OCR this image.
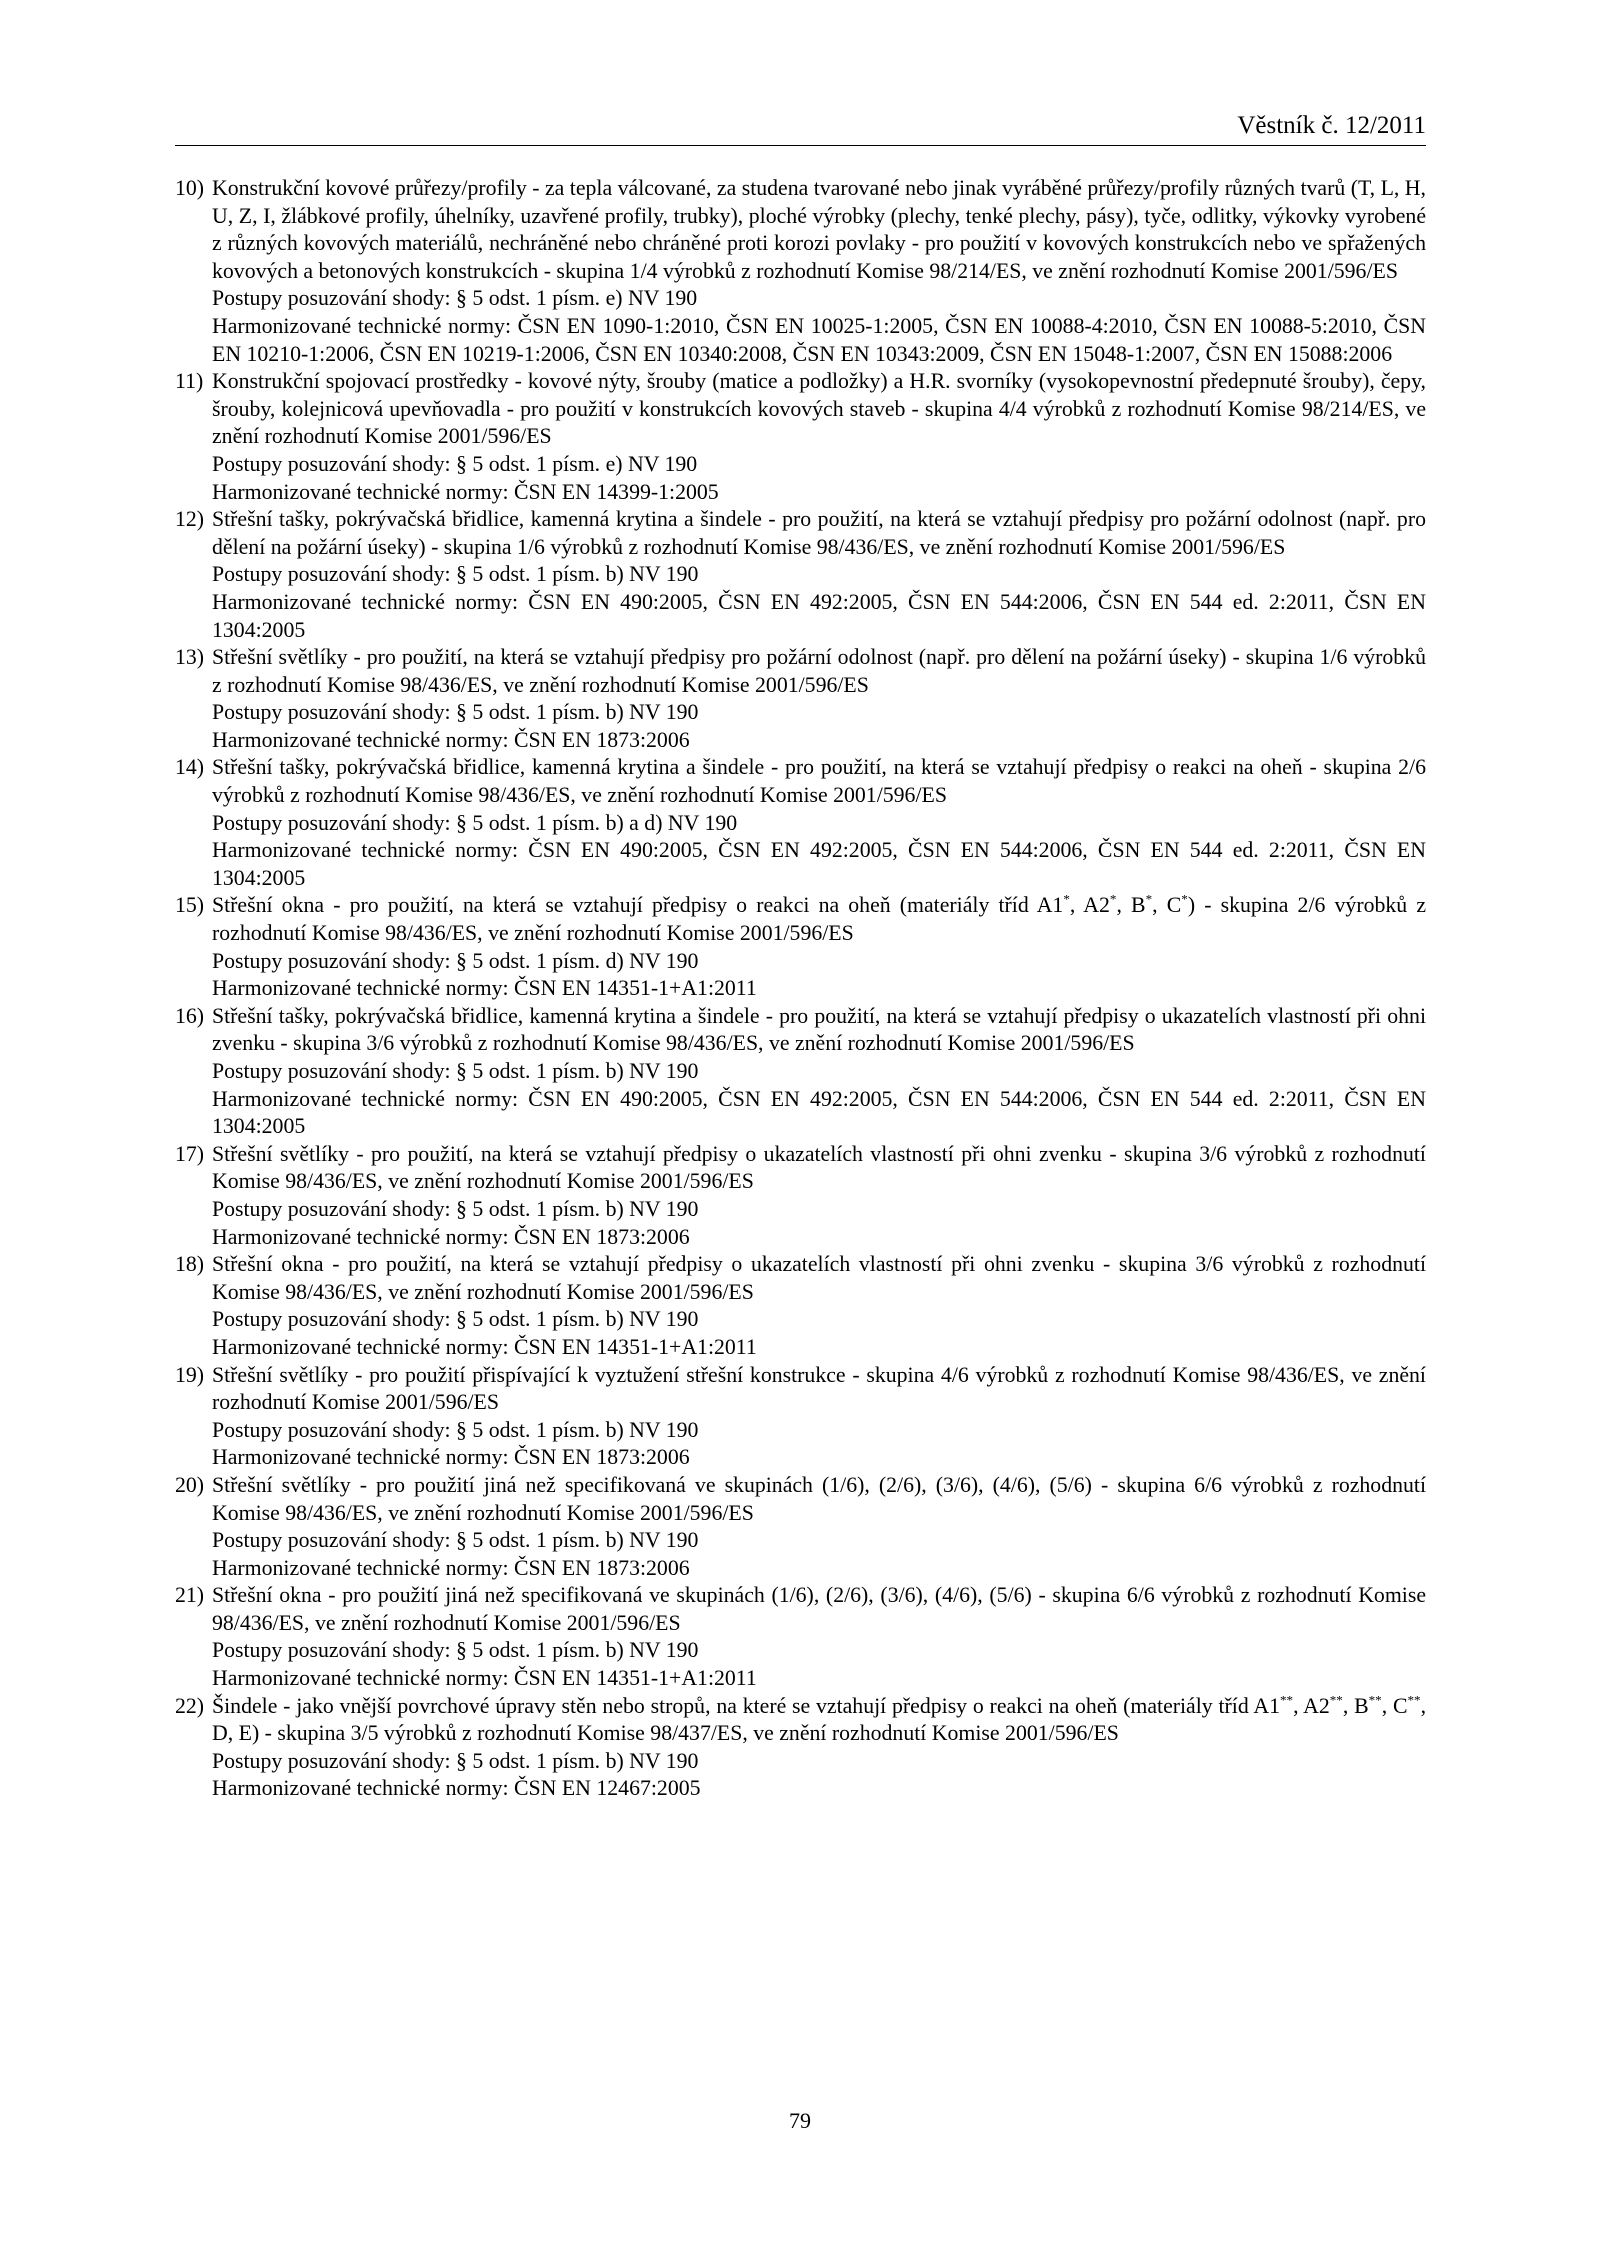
Věstník č. 12/2011
10) Konstrukční kovové průřezy/profily - za tepla válcované, za studena tvarované nebo jinak vyráběné průřezy/profily různých tvarů (T, L, H, U, Z, I, žlábkové profily, úhelníky, uzavřené profily, trubky), ploché výrobky (plechy, tenké plechy, pásy), tyče, odlitky, výkovky vyrobené z různých kovových materiálů, nechráněné nebo chráněné proti korozi povlaky - pro použití v kovových konstrukcích nebo ve spřažených kovových a betonových konstrukcích - skupina 1/4 výrobků z rozhodnutí Komise 98/214/ES, ve znění rozhodnutí Komise 2001/596/ES
Postupy posuzování shody: § 5 odst. 1 písm. e) NV 190
Harmonizované technické normy: ČSN EN 1090-1:2010, ČSN EN 10025-1:2005, ČSN EN 10088-4:2010, ČSN EN 10088-5:2010, ČSN EN 10210-1:2006, ČSN EN 10219-1:2006, ČSN EN 10340:2008, ČSN EN 10343:2009, ČSN EN 15048-1:2007, ČSN EN 15088:2006
11) Konstrukční spojovací prostředky - kovové nýty, šrouby (matice a podložky) a H.R. svorníky (vysokopevnostní předepnuté šrouby), čepy, šrouby, kolejnicová upevňovadla - pro použití v konstrukcích kovových staveb - skupina 4/4 výrobků z rozhodnutí Komise 98/214/ES, ve znění rozhodnutí Komise 2001/596/ES
Postupy posuzování shody: § 5 odst. 1 písm. e) NV 190
Harmonizované technické normy: ČSN EN 14399-1:2005
12) Střešní tašky, pokrývačská břidlice, kamenná krytina a šindele - pro použití, na která se vztahují předpisy pro požární odolnost (např. pro dělení na požární úseky) - skupina 1/6 výrobků z rozhodnutí Komise 98/436/ES, ve znění rozhodnutí Komise 2001/596/ES
Postupy posuzování shody: § 5 odst. 1 písm. b) NV 190
Harmonizované technické normy: ČSN EN 490:2005, ČSN EN 492:2005, ČSN EN 544:2006, ČSN EN 544 ed. 2:2011, ČSN EN 1304:2005
13) Střešní světlíky - pro použití, na která se vztahují předpisy pro požární odolnost (např. pro dělení na požární úseky) - skupina 1/6 výrobků z rozhodnutí Komise 98/436/ES, ve znění rozhodnutí Komise 2001/596/ES
Postupy posuzování shody: § 5 odst. 1 písm. b) NV 190
Harmonizované technické normy: ČSN EN 1873:2006
14) Střešní tašky, pokrývačská břidlice, kamenná krytina a šindele - pro použití, na která se vztahují předpisy o reakci na oheň - skupina 2/6 výrobků z rozhodnutí Komise 98/436/ES, ve znění rozhodnutí Komise 2001/596/ES
Postupy posuzování shody: § 5 odst. 1 písm. b) a d) NV 190
Harmonizované technické normy: ČSN EN 490:2005, ČSN EN 492:2005, ČSN EN 544:2006, ČSN EN 544 ed. 2:2011, ČSN EN 1304:2005
15) Střešní okna - pro použití, na která se vztahují předpisy o reakci na oheň (materiály tříd A1*, A2*, B*, C*) - skupina 2/6 výrobků z rozhodnutí Komise 98/436/ES, ve znění rozhodnutí Komise 2001/596/ES
Postupy posuzování shody: § 5 odst. 1 písm. d) NV 190
Harmonizované technické normy: ČSN EN 14351-1+A1:2011
16) Střešní tašky, pokrývačská břidlice, kamenná krytina a šindele - pro použití, na která se vztahují předpisy o ukazatelích vlastností při ohni zvenku - skupina 3/6 výrobků z rozhodnutí Komise 98/436/ES, ve znění rozhodnutí Komise 2001/596/ES
Postupy posuzování shody: § 5 odst. 1 písm. b) NV 190
Harmonizované technické normy: ČSN EN 490:2005, ČSN EN 492:2005, ČSN EN 544:2006, ČSN EN 544 ed. 2:2011, ČSN EN 1304:2005
17) Střešní světlíky - pro použití, na která se vztahují předpisy o ukazatelích vlastností při ohni zvenku - skupina 3/6 výrobků z rozhodnutí Komise 98/436/ES, ve znění rozhodnutí Komise 2001/596/ES
Postupy posuzování shody: § 5 odst. 1 písm. b) NV 190
Harmonizované technické normy: ČSN EN 1873:2006
18) Střešní okna - pro použití, na která se vztahují předpisy o ukazatelích vlastností při ohni zvenku - skupina 3/6 výrobků z rozhodnutí Komise 98/436/ES, ve znění rozhodnutí Komise 2001/596/ES
Postupy posuzování shody: § 5 odst. 1 písm. b) NV 190
Harmonizované technické normy: ČSN EN 14351-1+A1:2011
19) Střešní světlíky - pro použití přispívající k vyztužení střešní konstrukce - skupina 4/6 výrobků z rozhodnutí Komise 98/436/ES, ve znění rozhodnutí Komise 2001/596/ES
Postupy posuzování shody: § 5 odst. 1 písm. b) NV 190
Harmonizované technické normy: ČSN EN 1873:2006
20) Střešní světlíky - pro použití jiná než specifikovaná ve skupinách (1/6), (2/6), (3/6), (4/6), (5/6) - skupina 6/6 výrobků z rozhodnutí Komise 98/436/ES, ve znění rozhodnutí Komise 2001/596/ES
Postupy posuzování shody: § 5 odst. 1 písm. b) NV 190
Harmonizované technické normy: ČSN EN 1873:2006
21) Střešní okna - pro použití jiná než specifikovaná ve skupinách (1/6), (2/6), (3/6), (4/6), (5/6) - skupina 6/6 výrobků z rozhodnutí Komise 98/436/ES, ve znění rozhodnutí Komise 2001/596/ES
Postupy posuzování shody: § 5 odst. 1 písm. b) NV 190
Harmonizované technické normy: ČSN EN 14351-1+A1:2011
22) Šindele - jako vnější povrchové úpravy stěn nebo stropů, na které se vztahují předpisy o reakci na oheň (materiály tříd A1**, A2**, B**, C**, D, E) - skupina 3/5 výrobků z rozhodnutí Komise 98/437/ES, ve znění rozhodnutí Komise 2001/596/ES
Postupy posuzování shody: § 5 odst. 1 písm. b) NV 190
Harmonizované technické normy: ČSN EN 12467:2005
79
